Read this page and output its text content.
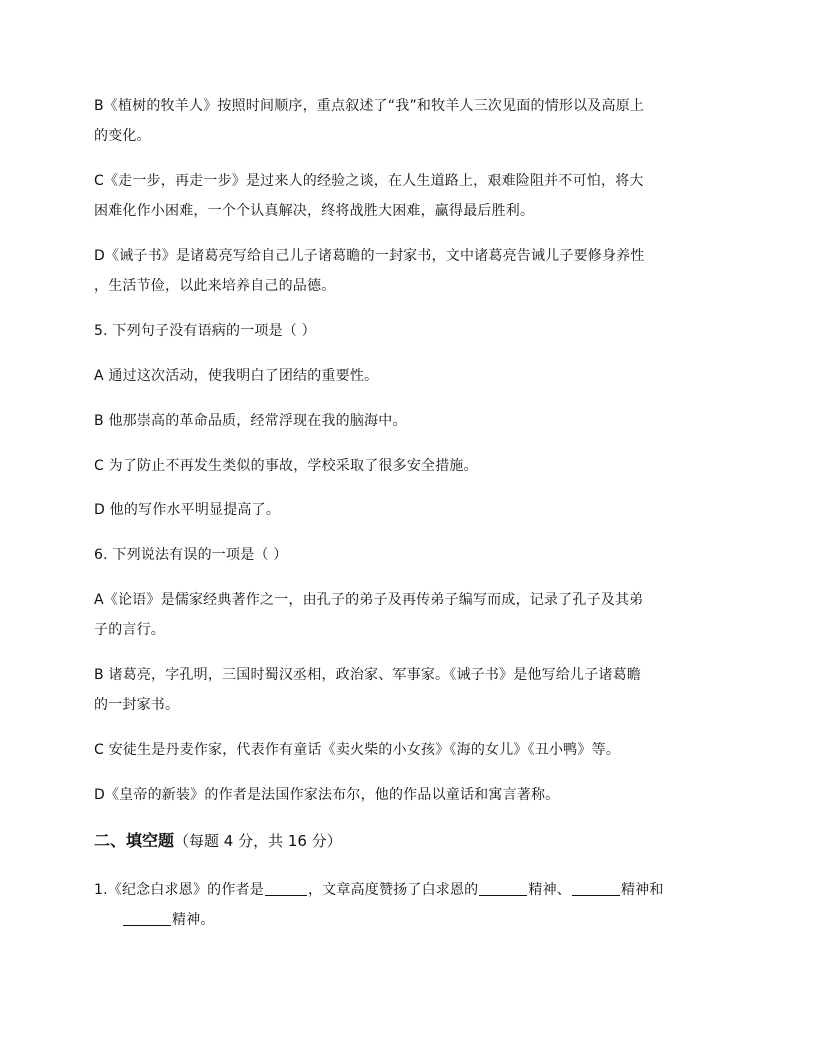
B《植树的牧羊人》按照时间顺序，重点叙述了“我”和牧羊人三次见面的情形以及高原上
的变化。
C《走一步，再走一步》是过来人的经验之谈，在人生道路上，艰难险阻并不可怕，将大
困难化作小困难，一个个认真解决，终将战胜大困难，赢得最后胜利。
D《诫子书》是诸葛亮写给自己儿子诸葛瞻的一封家书，文中诸葛亮告诫儿子要修身养性
，生活节俭，以此来培养自己的品德。
5. 下列句子没有语病的一项是（ ）
A 通过这次活动，使我明白了团结的重要性。
B 他那崇高的革命品质，经常浮现在我的脑海中。
C 为了防止不再发生类似的事故，学校采取了很多安全措施。
D 他的写作水平明显提高了。
6. 下列说法有误的一项是（ ）
A《论语》是儒家经典著作之一，由孔子的弟子及再传弟子编写而成，记录了孔子及其弟
子的言行。
B 诸葛亮，字孔明，三国时蜀汉丞相，政治家、军事家。《诫子书》是他写给儿子诸葛瞻
的一封家书。
C 安徒生是丹麦作家，代表作有童话《卖火柴的小女孩》《海的女儿》《丑小鸭》等。
D《皇帝的新装》的作者是法国作家法布尔，他的作品以童话和寓言著称。
二、填空题（每题 4 分，共 16 分）
1.《纪念白求恩》的作者是	，文章高度赞扬了白求恩的	精神、	精神和
精神。
